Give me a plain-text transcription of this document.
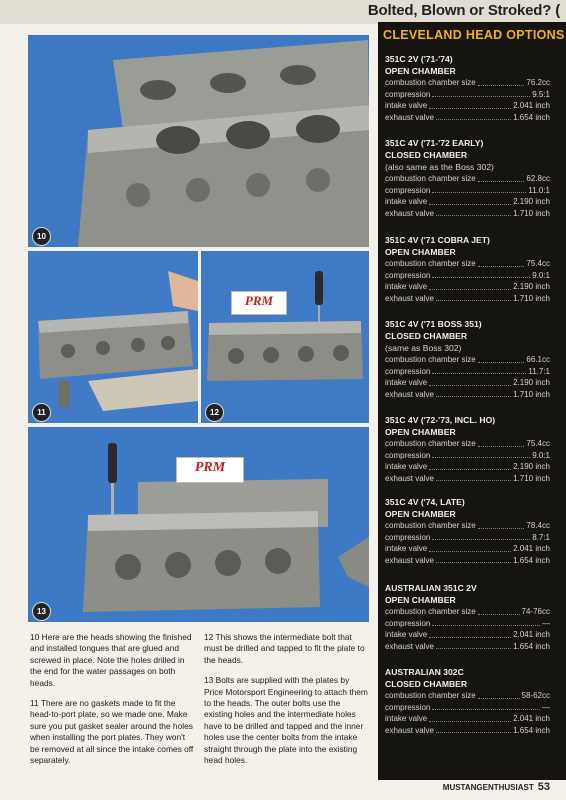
Bolted, Blown or Stroked? (
CLEVELAND HEAD OPTIONS
351C 2V ('71-'74)
OPEN CHAMBER
combustion chamber size	76.2cc
compression	9.5:1
intake valve	2.041 inch
exhaust valve	1.654 inch
351C 4V ('71-'72 EARLY)
CLOSED CHAMBER
(also same as the Boss 302)
combustion chamber size	62.8cc
compression	11.0:1
intake valve	2.190 inch
exhaust valve	1.710 inch
351C 4V ('71 COBRA JET)
OPEN CHAMBER
combustion chamber size	75.4cc
compression	9.0:1
intake valve	2.190 inch
exhaust valve	1.710 inch
351C 4V ('71 BOSS 351)
CLOSED CHAMBER
(same as Boss 302)
combustion chamber size	66.1cc
compression	11.7:1
intake valve	2.190 inch
exhaust valve	1.710 inch
351C 4V ('72-'73, INCL. HO)
OPEN CHAMBER
combustion chamber size	75.4cc
compression	9.0:1
intake valve	2.190 inch
exhaust valve	1.710 inch
351C 4V ('74, LATE)
OPEN CHAMBER
combustion chamber size	78.4cc
compression	8.7:1
intake valve	2.041 inch
exhaust valve	1.654 inch
AUSTRALIAN 351C 2V
OPEN CHAMBER
combustion chamber size	74-76cc
compression	—
intake valve	2.041 inch
exhaust valve	1.654 inch
AUSTRALIAN 302C
CLOSED CHAMBER
combustion chamber size	58-62cc
compression	—
intake valve	2.041 inch
exhaust valve	1.654 inch
10
11
PRM
12
PRM
13

10 Here are the heads showing the finished and installed tongues that are glued and screwed in place. Note the holes drilled in the end for the water passages on both heads.

11 There are no gaskets made to fit the head-to-port plate, so we made one. Make sure you put gasket sealer around the holes when installing the port plates. They won't be removed at all since the intake comes off separately.

12 This shows the intermediate bolt that must be drilled and tapped to fit the plate to the heads.

13 Bolts are supplied with the plates by Price Motorsport Engineering to attach them to the heads. The outer bolts use the existing holes and the intermediate holes have to be drilled and tapped and the inner holes use the center bolts from the intake straight through the plate into the existing head holes.

MUSTANGENTHUSIAST 53
